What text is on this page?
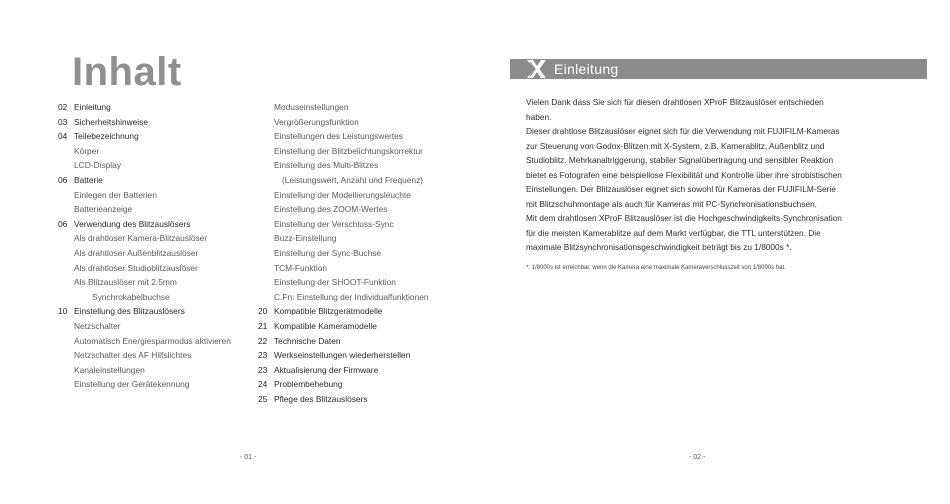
Inhalt
02 Einleitung
03 Sicherheitshinweise
04 Teilebezeichnung
Körper
LCD-Display
06 Batterie
Einlegen der Batterien
Batterieanzeige
06 Verwendung des Blitzauslösers
Als drahtloser Kamera-Blitzauslöser
Als drahtloser Außenblitzauslöser
Als drahtloser Studioblitzauslöser
Als Blitzauslöser mit 2.5mm
Synchrokabelbuchse
10 Einstellung des Blitzauslösers
Netzschalter
Automatisch Energiesparmodus aktivieren
Netzschalter des AF Hilfslichtes
Kanaleinstellungen
Einstellung der Gerätekennung
Moduseinstellungen
Vergrößerungsfunktion
Einstellungen des Leistungswertes
Einstellung der Blitzbelichtungskorrektur
Einstellung des Multi-Blitzes
(Leistungswert, Anzahl und Frequenz)
Einstellung der Modellierungsleuchte
Einstellung des ZOOM-Wertes
Einstellung der Verschluss-Sync
Buzz-Einstellung
Einstellung der Sync-Buchse
TCM-Funktion
Einstellung der SHOOT-Funktion
C.Fn: Einstellung der Individualfunktionen
20 Kompatible Blitzgerätmodelle
21 Kompatible Kameramodelle
22 Technische Daten
23 Werkseinstellungen wiederherstellen
23 Aktualisierung der Firmware
24 Problembehebung
25 Pflege des Blitzauslösers
- 01 -
Einleitung

Vielen Dank dass Sie sich für diesen drahtlosen XProF Blitzauslöser entschieden

haben.

Dieser drahtlose Blitzauslöser eignet sich für die Verwendung mit FUJIFILM-Kameras

zur Steuerung von Godox-Blitzen mit X-System, z.B. Kamerablitz, Außenblitz und

Studioblitz. Mehrkanaltriggerung, stabiler Signalübertragung und sensibler Reaktion

bietet es Fotografen eine beispiellose Flexibilität und Kontrolle über ihre strobistischen

Einstellungen. Der Blitzauslöser eignet sich sowohl für Kameras der FUJIFILM-Serie

mit Blitzschuhmontage als auch für Kameras mit PC-Synchronisationsbuchsen.

Mit dem drahtlosen XProF Blitzauslöser ist die Hochgeschwindigkeits-Synchronisation

für die meisten Kamerablitze auf dem Markt verfügbar, die TTL unterstützen. Die

maximale Blitzsynchronisationsgeschwindigkeit beträgt bis zu 1/8000s *.

*: 1/8000s ist erreichbar, wenn die Kamera eine maximale Kameraverschlusszeit von 1/8000s hat.
- 02 -
